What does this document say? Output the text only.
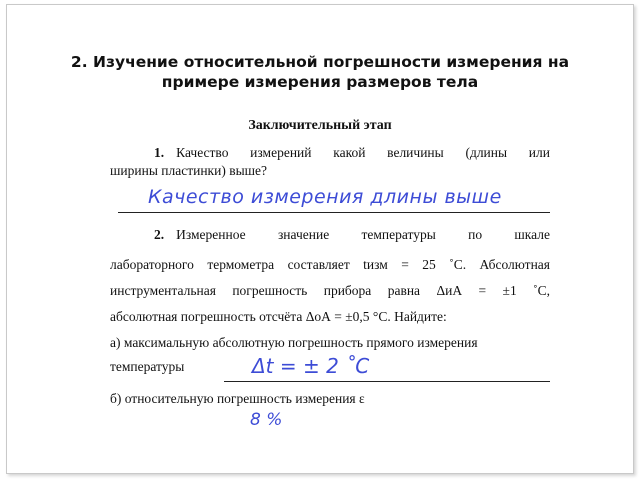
2. Изучение относительной погрешности измерения на примере измерения размеров тела
Заключительный этап
1. Качество измерений какой величины (длины или
ширины пластинки) выше?
Качество измерения длины выше
2. Измеренное значение температуры по шкале
лабораторного термометра составляет tизм = 25 ˚С. Абсолютная
инструментальная погрешность прибора равна ΔиА = ±1 ˚С,
абсолютная погрешность отсчёта ΔоА = ±0,5 °С. Найдите:
а) максимальную абсолютную погрешность прямого измерения
температуры	Δt = ± 2 ˚С
б) относительную погрешность измерения ε
8 %
